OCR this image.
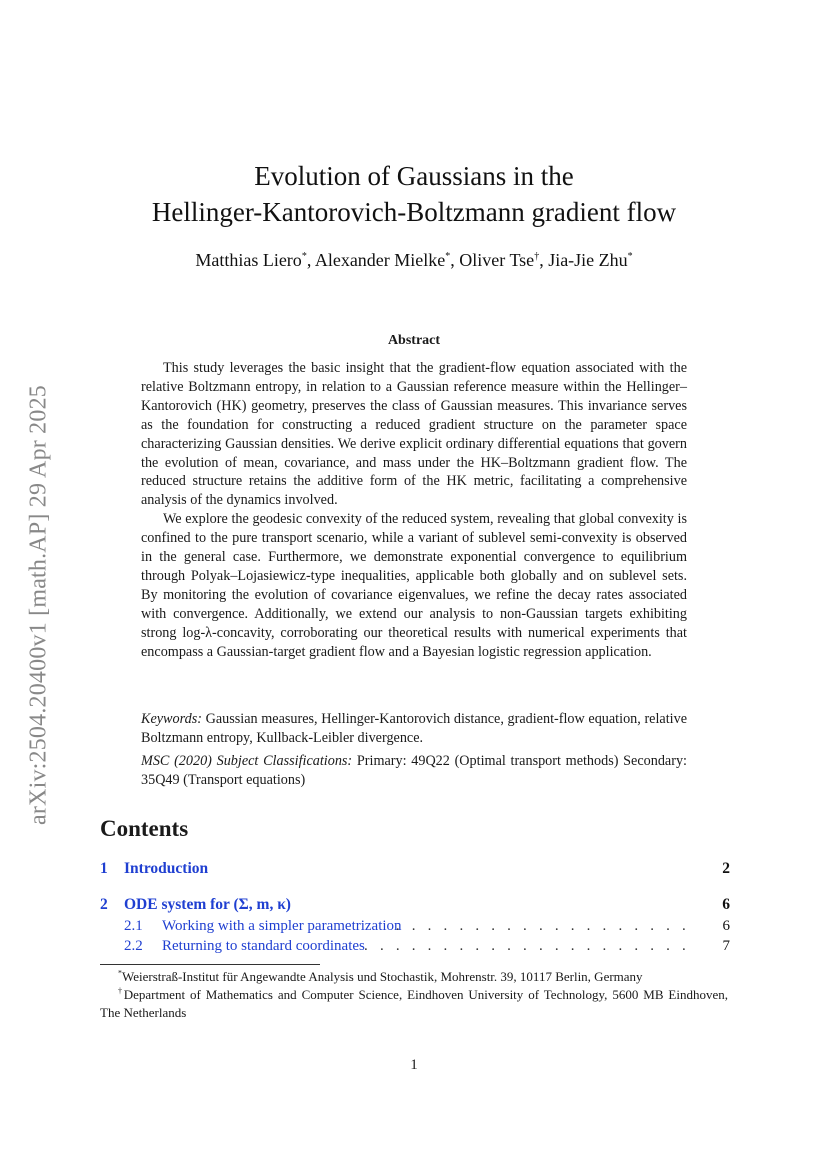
arXiv:2504.20400v1 [math.AP] 29 Apr 2025
Evolution of Gaussians in the
Hellinger-Kantorovich-Boltzmann gradient flow
Matthias Liero*, Alexander Mielke*, Oliver Tse†, Jia-Jie Zhu*
Abstract

This study leverages the basic insight that the gradient-flow equation associated with the relative Boltzmann entropy, in relation to a Gaussian reference measure within the Hellinger–Kantorovich (HK) geometry, preserves the class of Gaussian measures. This invariance serves as the foundation for constructing a reduced gradient structure on the parameter space characterizing Gaussian densities. We derive explicit ordinary differential equations that govern the evolution of mean, covariance, and mass under the HK–Boltzmann gradient flow. The reduced structure retains the additive form of the HK metric, facilitating a comprehensive analysis of the dynamics involved.

We explore the geodesic convexity of the reduced system, revealing that global convexity is confined to the pure transport scenario, while a variant of sublevel semi-convexity is observed in the general case. Furthermore, we demonstrate exponential convergence to equilibrium through Polyak–Lojasiewicz-type inequalities, applicable both globally and on sublevel sets. By monitoring the evolution of covariance eigenvalues, we refine the decay rates associated with convergence. Additionally, we extend our analysis to non-Gaussian targets exhibiting strong log-λ-concavity, corroborating our theoretical results with numerical experiments that encompass a Gaussian-target gradient flow and a Bayesian logistic regression application.

Keywords: Gaussian measures, Hellinger-Kantorovich distance, gradient-flow equation, relative Boltzmann entropy, Kullback-Leibler divergence.

MSC (2020) Subject Classifications: Primary: 49Q22 (Optimal transport methods) Secondary: 35Q49 (Transport equations)

Contents
1 Introduction	2
2 ODE system for (Σ, m, κ)	6
2.1 Working with a simpler parametrization
. . . . . . . . . . . . . . . . . . . 6
2.2 Returning to standard coordinates . . . . . . . . . . . . . . . . . . . . . 7

*Weierstraß-Institut für Angewandte Analysis und Stochastik, Mohrenstr. 39, 10117 Berlin, Germany

†Department of Mathematics and Computer Science, Eindhoven University of Technology, 5600 MB Eindhoven, The Netherlands

1
